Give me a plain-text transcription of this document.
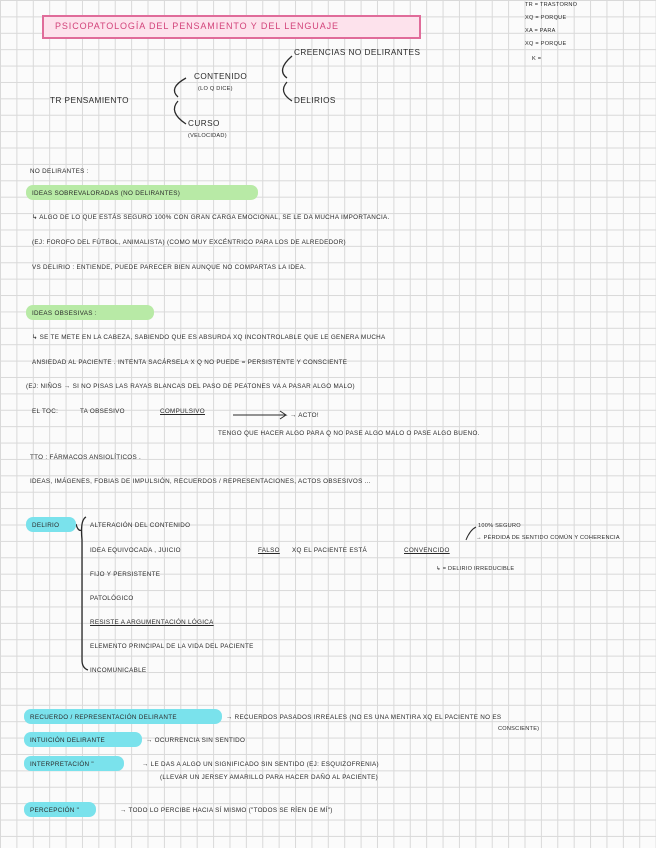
PSICOPATOLOGÍA DEL PENSAMIENTO Y DEL LENGUAJE
TR = TRASTORNO
XQ = PORQUE
XA = PARA
XQ = PORQUE
K =
TR PENSAMIENTO
CONTENIDO
(LO Q DICE)
CURSO
(VELOCIDAD)
CREENCIAS NO DELIRANTES
DELIRIOS
NO DELIRANTES :
IDEAS SOBREVALORADAS (NO DELIRANTES)
↳ ALGO DE LO QUE ESTÁS SEGURO 100% CON GRAN CARGA EMOCIONAL, SE LE DA MUCHA IMPORTANCIA.
(EJ: FOROFO DEL FÚTBOL, ANIMALISTA) (COMO MUY EXCÉNTRICO PARA LOS DE ALREDEDOR)
VS DELIRIO : ENTIENDE, PUEDE PARECER BIEN AUNQUE NO COMPARTAS LA IDEA.
IDEAS OBSESIVAS :
↳ SE TE METE EN LA CABEZA, SABIENDO QUE ES ABSURDA XQ INCONTROLABLE QUE LE GENERA MUCHA
ANSIEDAD AL PACIENTE . INTENTA SACÁRSELA X Q NO PUEDE = PERSISTENTE Y CONSCIENTE
(EJ: NIÑOS → SI NO PISAS LAS RAYAS BLANCAS DEL PASO DE PEATONES VA A PASAR ALGO MALO)
EL TOC:	TA OBSESIVO	COMPULSIVO
→ ACTO!
TENGO QUE HACER ALGO PARA Q NO PASE ALGO MALO O PASE ALGO BUENO.
TTO : FÁRMACOS ANSIOLÍTICOS .
IDEAS, IMÁGENES, FOBIAS DE IMPULSIÓN, RECUERDOS / REPRESENTACIONES, ACTOS OBSESIVOS ...
DELIRIO	ALTERACIÓN DEL CONTENIDO
IDEA EQUIVOCADA , JUICIO	FALSO XQ EL PACIENTE ESTÁ	CONVENCIDO
100% SEGURO
→ PÉRDIDA DE SENTIDO COMÚN Y COHERENCIA
↳ = DELIRIO IRREDUCIBLE
FIJO Y PERSISTENTE
PATOLÓGICO
RESISTE A ARGUMENTACIÓN LÓGICA
ELEMENTO PRINCIPAL DE LA VIDA DEL PACIENTE
INCOMUNICABLE
RECUERDO / REPRESENTACIÓN DELIRANTE	→ RECUERDOS PASADOS IRREALES (NO ES UNA MENTIRA XQ EL PACIENTE NO ES
CONSCIENTE)
INTUICIÓN DELIRANTE	→ OCURRENCIA SIN SENTIDO
INTERPRETACIÓN "	→ LE DAS A ALGO UN SIGNIFICADO SIN SENTIDO (EJ: ESQUIZOFRENIA)
(LLEVAR UN JERSEY AMARILLO PARA HACER DAÑO AL PACIENTE)
PERCEPCIÓN "	→ TODO LO PERCIBE HACIA SÍ MISMO ("TODOS SE RÍEN DE MÍ")
